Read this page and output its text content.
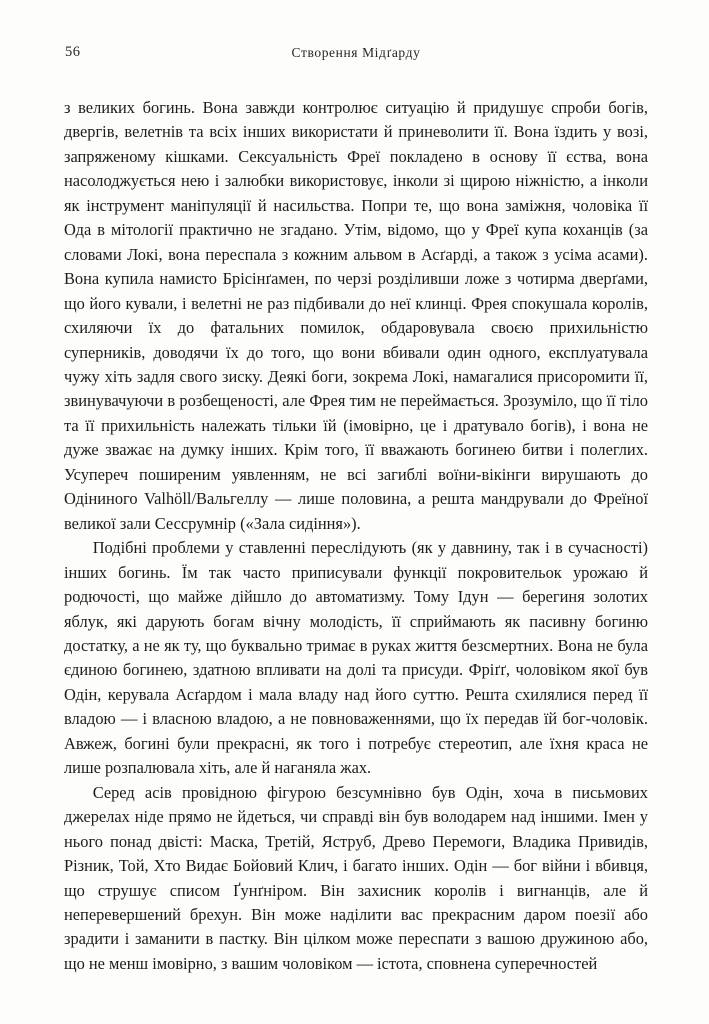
56	Створення Мідґарду

з великих богинь. Вона завжди контролює ситуацію й придушує спроби богів, двергів, велетнів та всіх інших використати й приневолити її. Вона їздить у возі, запряженому кішками. Сексуальність Фреї покладено в основу її єства, вона насолоджується нею і залюбки використовує, інколи зі щирою ніжністю, а інколи як інструмент маніпуляції й насильства. Попри те, що вона заміжня, чоловіка її Ода в мітології практично не згадано. Утім, відомо, що у Фреї купа коханців (за словами Локі, вона переспала з кожним альвом в Асґарді, а також з усіма асами). Вона купила намисто Брісінґамен, по черзі розділивши ложе з чотирма дверґами, що його кували, і велетні не раз підбивали до неї клинці. Фрея спокушала королів, схиляючи їх до фатальних помилок, обдаровувала своєю прихильністю суперників, доводячи їх до того, що вони вбивали один одного, експлуатувала чужу хіть задля свого зиску. Деякі боги, зокрема Локі, намагалися присоромити її, звинувачуючи в розбещеності, але Фрея тим не переймається. Зрозуміло, що її тіло та її прихильність належать тільки їй (імовірно, це і дратувало богів), і вона не дуже зважає на думку інших. Крім того, її вважають богинею битви і полеглих. Усупереч поширеним уявленням, не всі загиблі воїни-вікінги вирушають до Одіниного Valhöll/Вальгеллу — лише половина, а решта мандрували до Фреїної великої зали Сессрумнір («Зала сидіння»).

Подібні проблеми у ставленні переслідують (як у давнину, так і в сучасності) інших богинь. Їм так часто приписували функції покровительок урожаю й родючості, що майже дійшло до автоматизму. Тому Ідун — берегиня золотих яблук, які дарують богам вічну молодість, її сприймають як пасивну богиню достатку, а не як ту, що буквально тримає в руках життя безсмертних. Вона не була єдиною богинею, здатною впливати на долі та присуди. Фріґґ, чоловіком якої був Одін, керувала Асґардом і мала владу над його суттю. Решта схилялися перед її владою — і власною владою, а не повноваженнями, що їх передав їй бог-чоловік. Авжеж, богині були прекрасні, як того і потребує стереотип, але їхня краса не лише розпалювала хіть, але й наганяла жах.

Серед асів провідною фігурою безсумнівно був Одін, хоча в письмових джерелах ніде прямо не йдеться, чи справді він був володарем над іншими. Імен у нього понад двісті: Маска, Третій, Яструб, Древо Перемоги, Владика Привидів, Різник, Той, Хто Видає Бойовий Клич, і багато інших. Одін — бог війни і вбивця, що струшує списом Ґунґніром. Він захисник королів і вигнанців, але й неперевершений брехун. Він може наділити вас прекрасним даром поезії або зрадити і заманити в пастку. Він цілком може переспати з вашою дружиною або, що не менш імовірно, з вашим чоловіком — істота, сповнена суперечностей
